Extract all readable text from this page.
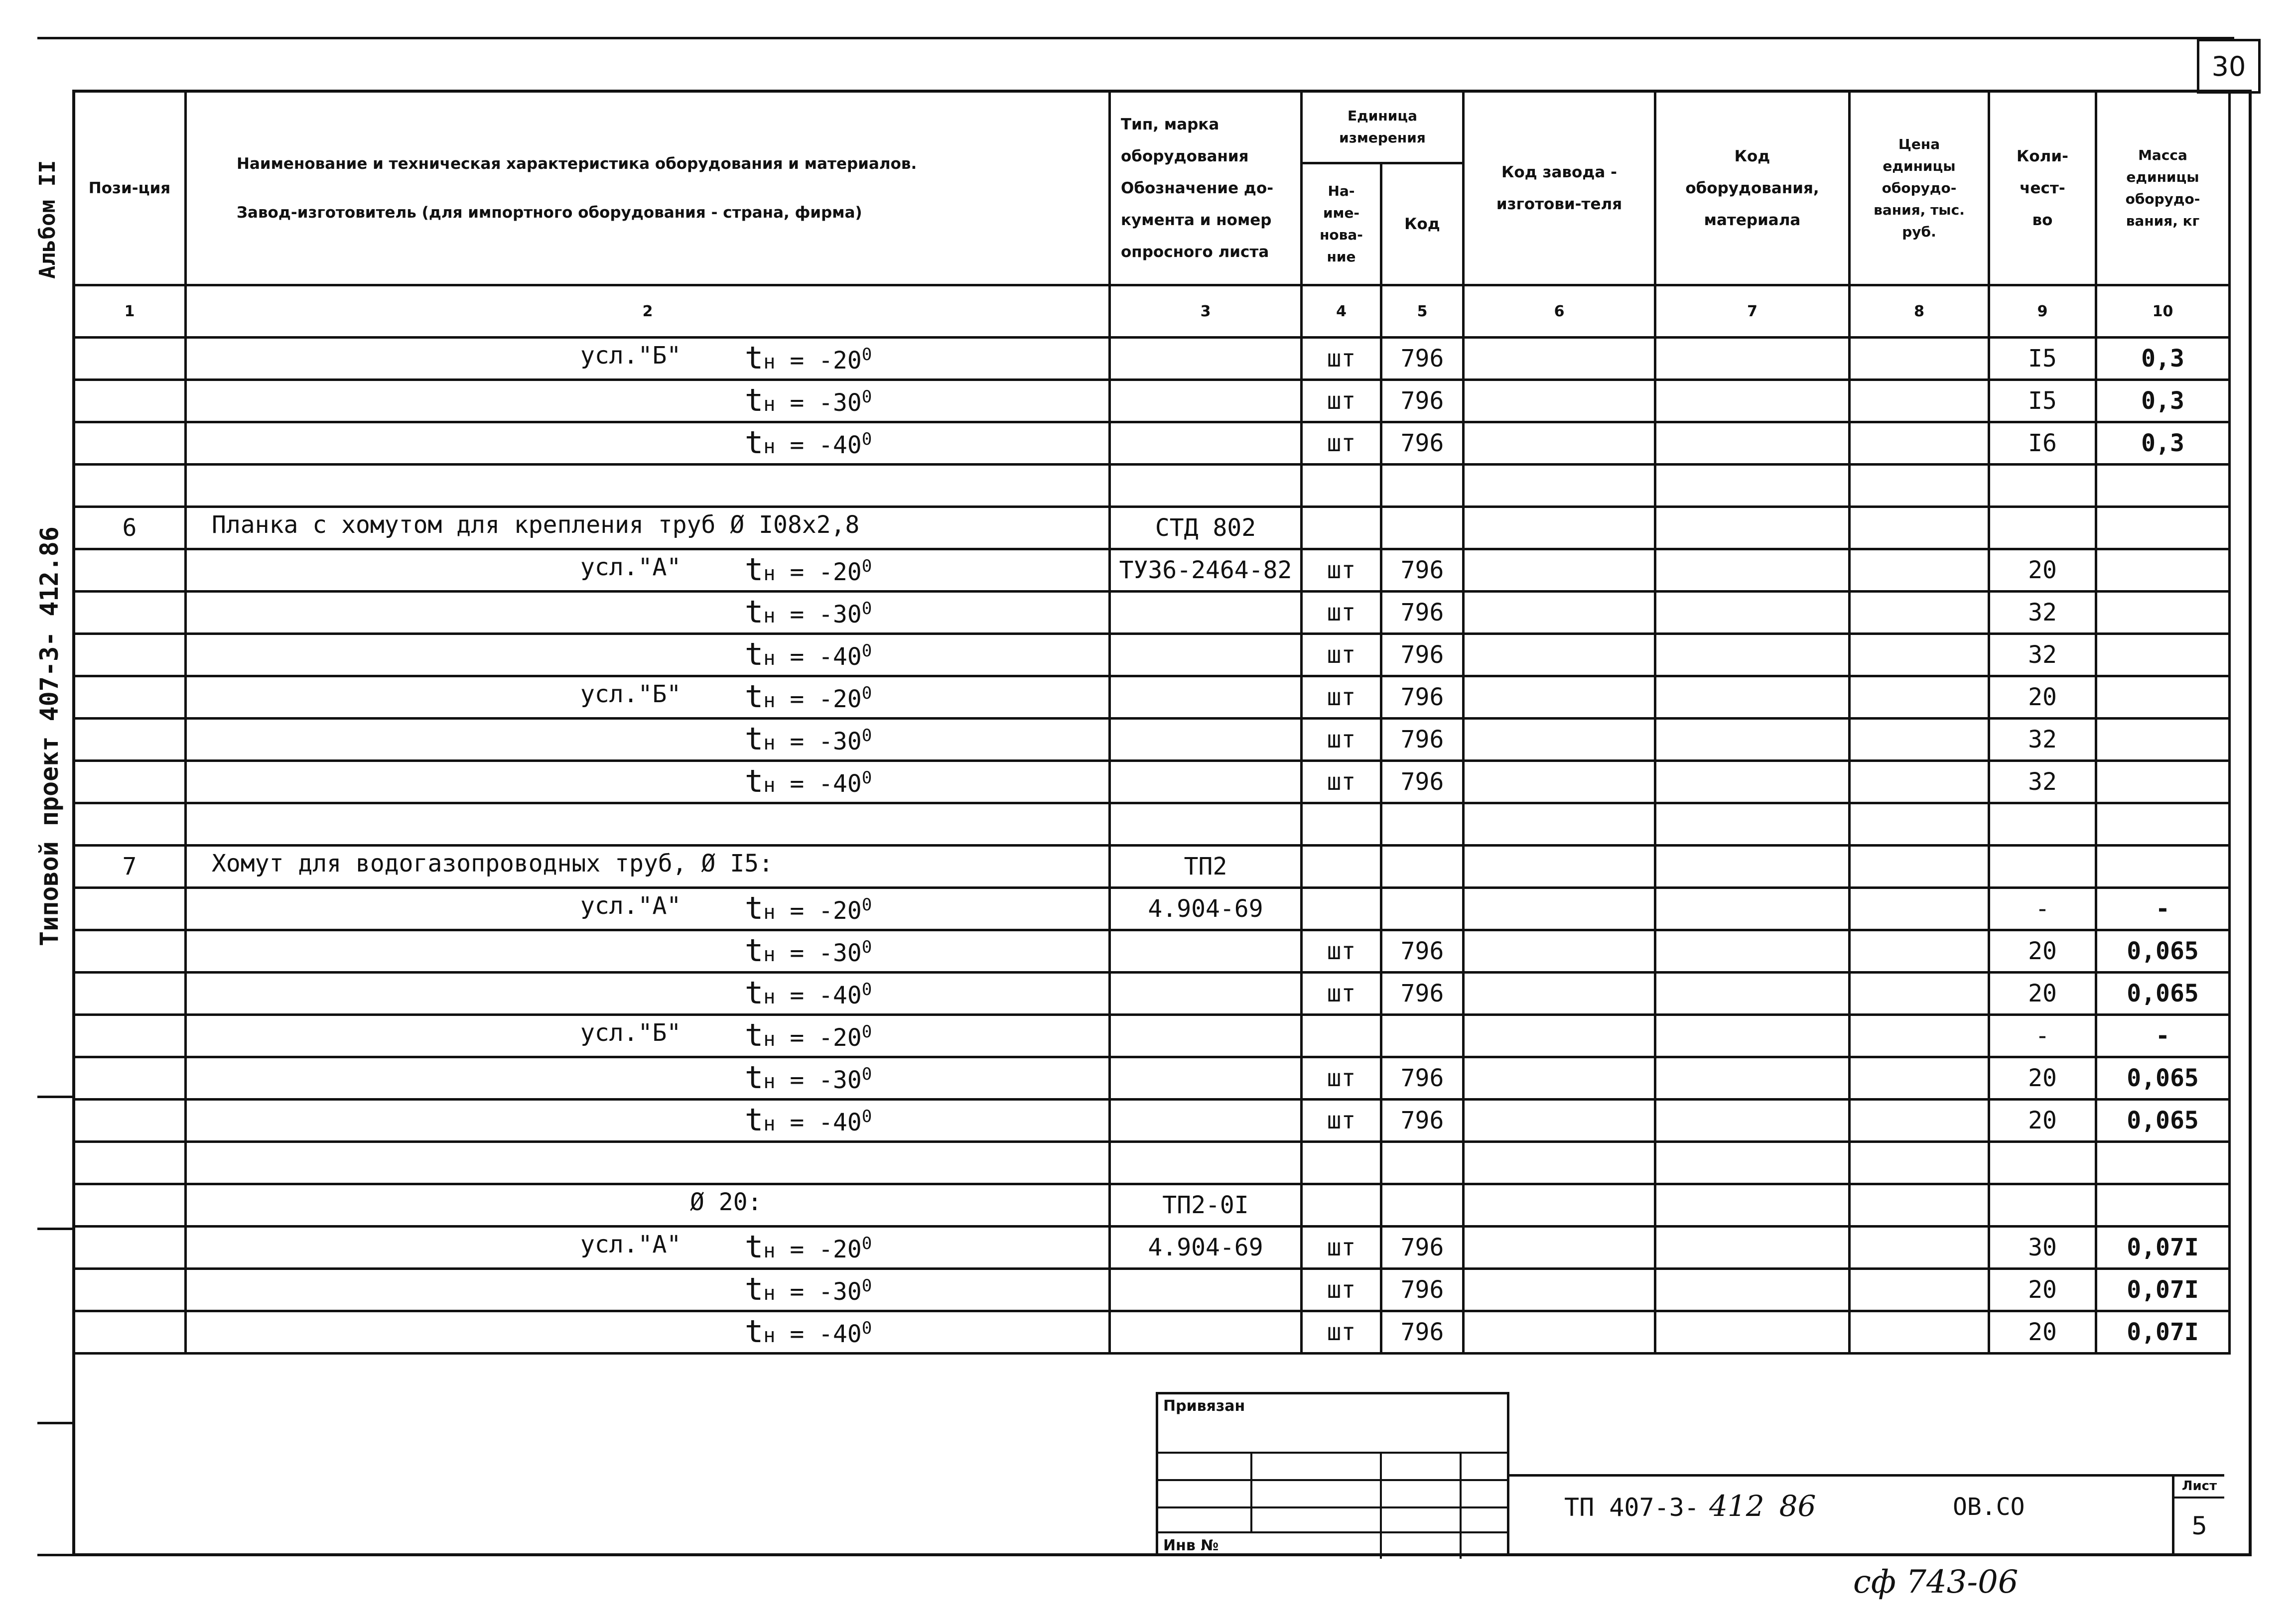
30
Типовой проект 407-3- 412.86
Альбом II Пози-ция	Наименование и техническая характеристика оборудования и материалов.
Завод-изготовитель (для импортного оборудования - страна, фирма)	Тип, марка оборудования Обозначение до-кумента и номер опросного листа	Единица измерения		Код завода - изготови-теля	Код оборудования, материала	Цена единицы оборудо-вания, тыс. руб.	Коли-чест-во	Масса единицы оборудо-вания, кг
			На-име-нова-ние	Код					
1	2	3	4	5	6	7	8	9	10

	усл."Б" tн = $-20^0$		шт	796				I5	0,3

	tн = $-30^0$		шт	796				I5	0,3

	tн = $-40^0$		шт	796				I6	0,3

6	Планка с хомутом для крепления труб Ø I08х2,8	СТД 802							

	усл."А" tн = $-20^0$	ТУ36-2464-82	шт	796				20	

	tн = $-30^0$		шт	796				32	

	tн = $-40^0$		шт	796				32	

	усл."Б" tн = $-20^0$		шт	796				20	

	tн = $-30^0$		шт	796				32	

	tн = $-40^0$		шт	796				32	

7	Хомут для водогазопроводных труб, Ø I5:	ТП2							

	усл."А" tн = $-20^0$	4.904-69						-	-

	tн = $-30^0$		шт	796				20	0,065

	tн = $-40^0$		шт	796				20	0,065

	усл."Б" tн = $-20^0$							-	-

	tн = $-30^0$		шт	796				20	0,065

	tн = $-40^0$		шт	796				20	0,065

	Ø 20:	ТП2-0I							

	усл."А" tн = $-20^0$	4.904-69	шт	796				30	0,07I

	tн = $-30^0$		шт	796				20	0,07I

	tн = $-40^0$		шт	796				20	0,07I
Привязан
Инв №
ТП 407-3- 412 86	ОВ.СО
Лист
5
сф 743-06
